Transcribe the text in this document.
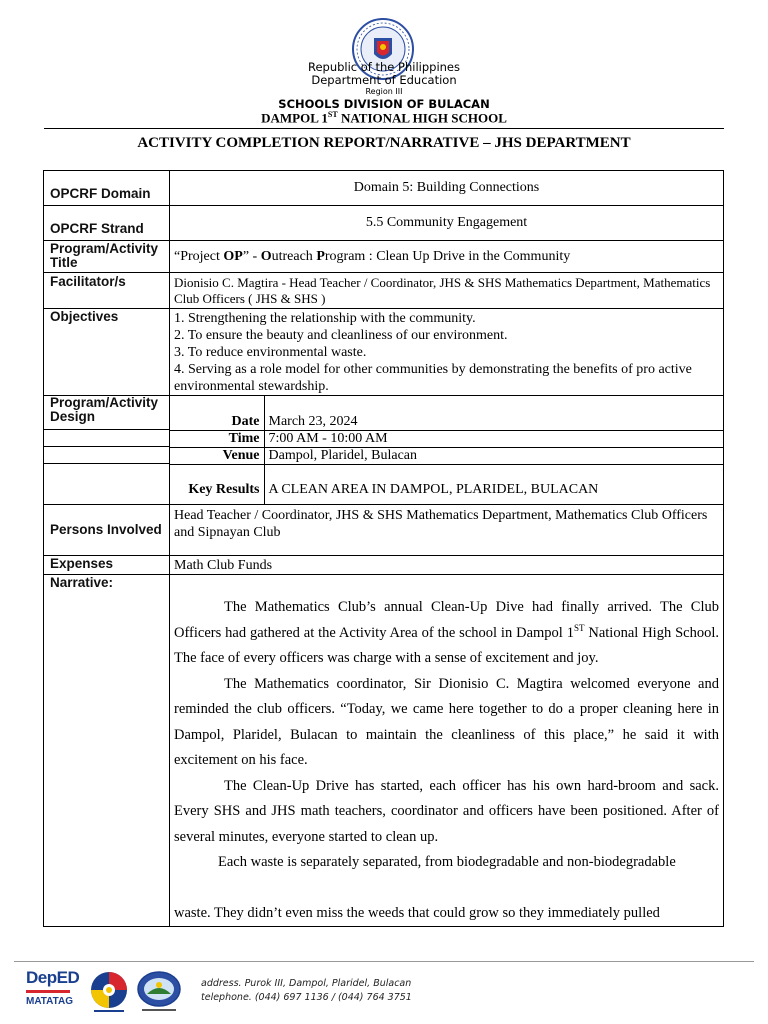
Republic of the Philippines
Department of Education
Region III
SCHOOLS DIVISION OF BULACAN
DAMPOL 1ST NATIONAL HIGH SCHOOL
ACTIVITY COMPLETION REPORT/NARRATIVE – JHS DEPARTMENT
OPCRF Domain	Domain 5: Building Connections
OPCRF Strand	5.5 Community Engagement
Program/Activity Title	“Project OP” - Outreach Program : Clean Up Drive in the Community
Facilitator/s	Dionisio C. Magtira - Head Teacher / Coordinator, JHS & SHS Mathematics Department, Mathematics Club Officers ( JHS & SHS )
Objectives	1. Strengthening the relationship with the community.
2. To ensure the beauty and cleanliness of our environment.
3. To reduce environmental waste.
4. Serving as a role model for other communities by demonstrating the benefits of pro active environmental stewardship.

Program/Activity Design
		Date	March 23, 2024
Time	7:00 AM - 10:00 AM
Venue	Dampol, Plaridel, Bulacan
Key Results	A CLEAN AREA IN DAMPOL, PLARIDEL, BULACAN

Persons Involved	Head Teacher / Coordinator, JHS & SHS Mathematics Department, Mathematics Club Officers and Sipnayan Club
Expenses	Math Club Funds
Narrative:	

The Mathematics Club’s annual Clean-Up Dive had finally arrived. The Club Officers had gathered at the Activity Area of the school in Dampol 1ST National High School. The face of every officers was charge with a sense of excitement and joy.

The Mathematics coordinator, Sir Dionisio C. Magtira welcomed everyone and reminded the club officers. “Today, we came here together to do a proper cleaning here in Dampol, Plaridel, Bulacan to maintain the cleanliness of this place,” he said it with excitement on his face.

The Clean-Up Drive has started, each officer has his own hard-broom and sack. Every SHS and JHS math teachers, coordinator and officers have been positioned. After of several minutes, everyone started to clean up.

Each waste is separately separated, from biodegradable and non-biodegradable

waste. They didn’t even miss the weeds that could grow so they immediately pulled

DepED
MATATAG
address. Purok III, Dampol, Plaridel, Bulacan
telephone. (044) 697 1136 / (044) 764 3751
